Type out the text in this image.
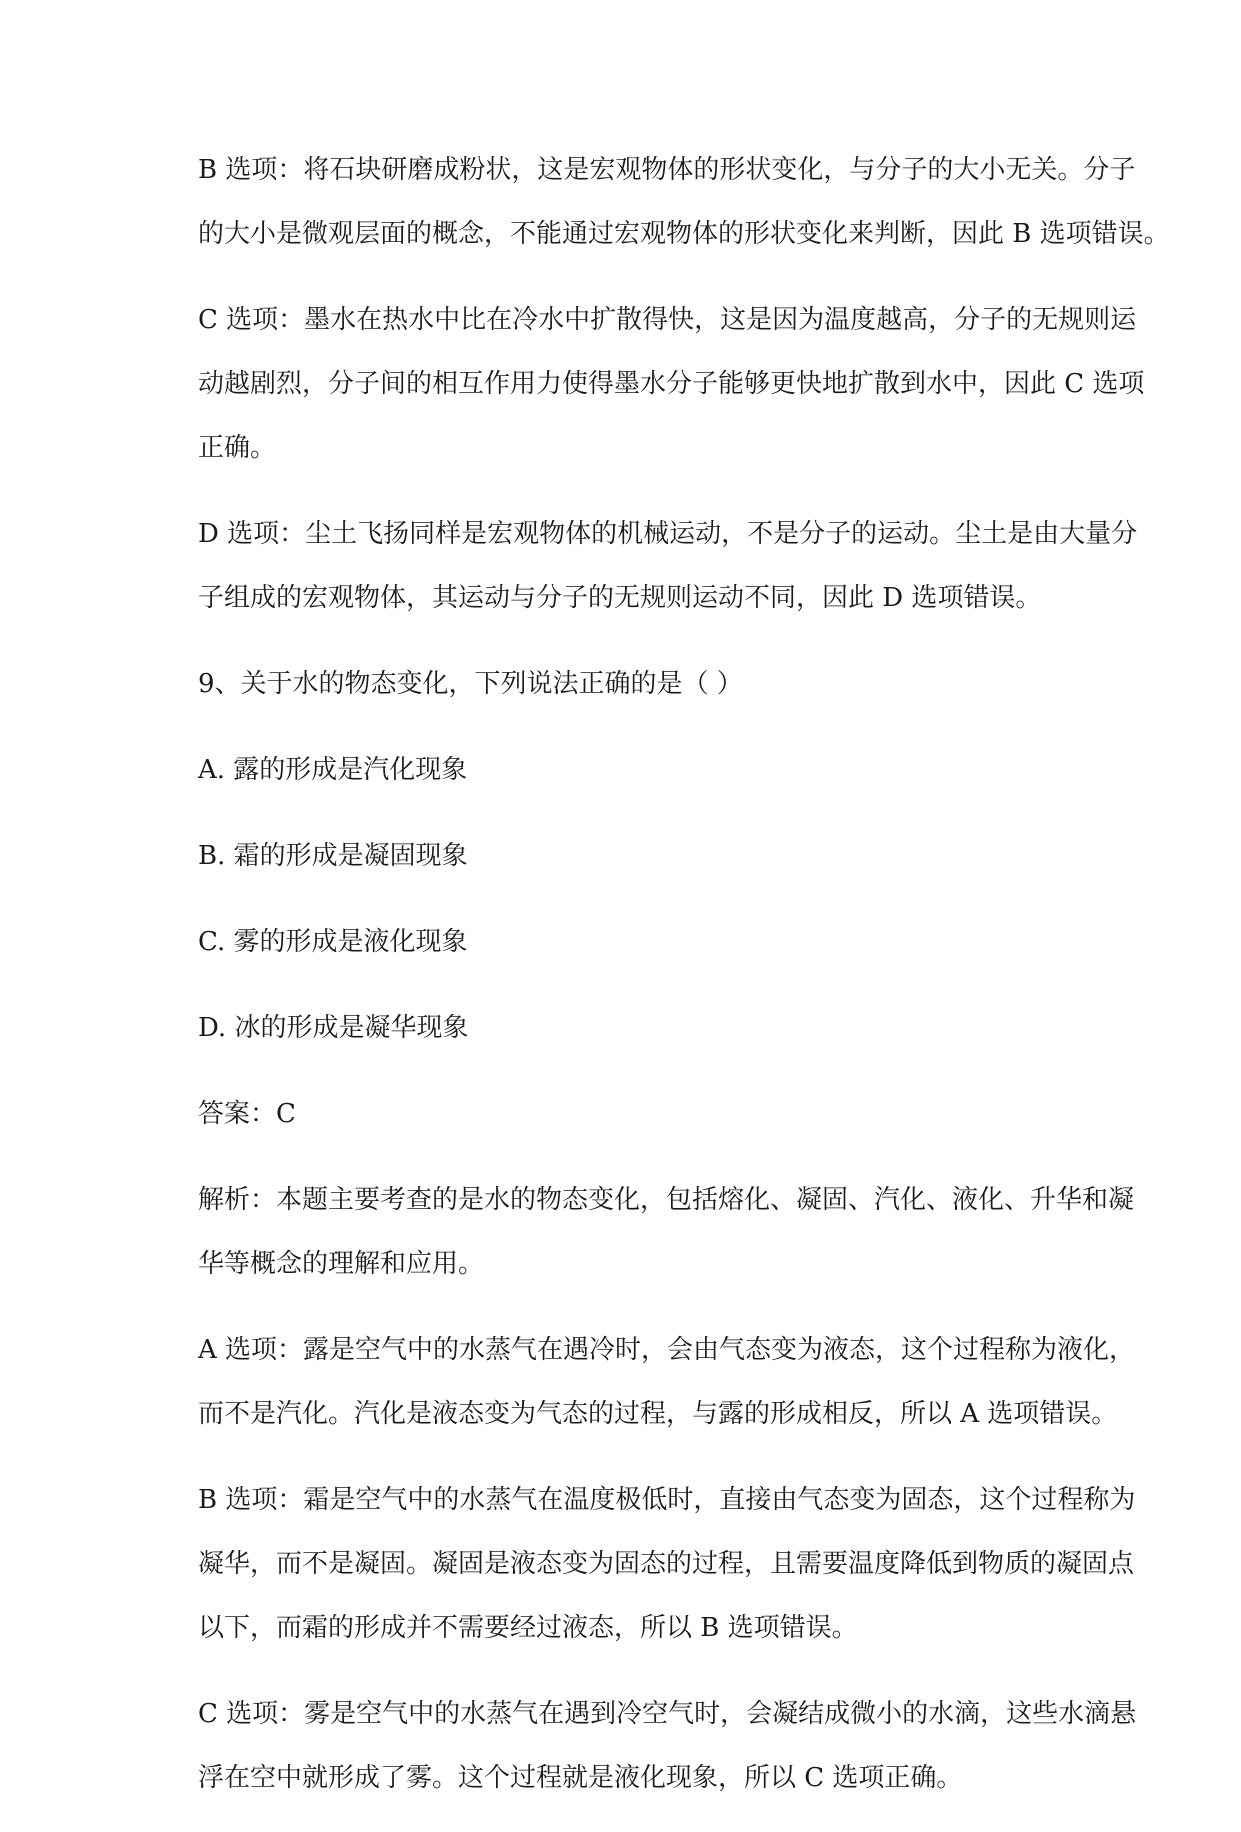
B 选项：将石块研磨成粉状，这是宏观物体的形状变化，与分子的大小无关。分子

的大小是微观层面的概念，不能通过宏观物体的形状变化来判断，因此 B 选项错误。

C 选项：墨水在热水中比在冷水中扩散得快，这是因为温度越高，分子的无规则运

动越剧烈，分子间的相互作用力使得墨水分子能够更快地扩散到水中，因此 C 选项

正确。

D 选项：尘土飞扬同样是宏观物体的机械运动，不是分子的运动。尘土是由大量分

子组成的宏观物体，其运动与分子的无规则运动不同，因此 D 选项错误。

9、关于水的物态变化，下列说法正确的是（ ）

A. 露的形成是汽化现象

B. 霜的形成是凝固现象

C. 雾的形成是液化现象

D. 冰的形成是凝华现象

答案：C

解析：本题主要考查的是水的物态变化，包括熔化、凝固、汽化、液化、升华和凝

华等概念的理解和应用。

A 选项：露是空气中的水蒸气在遇冷时，会由气态变为液态，这个过程称为液化，

而不是汽化。汽化是液态变为气态的过程，与露的形成相反，所以 A 选项错误。

B 选项：霜是空气中的水蒸气在温度极低时，直接由气态变为固态，这个过程称为

凝华，而不是凝固。凝固是液态变为固态的过程，且需要温度降低到物质的凝固点

以下，而霜的形成并不需要经过液态，所以 B 选项错误。

C 选项：雾是空气中的水蒸气在遇到冷空气时，会凝结成微小的水滴，这些水滴悬

浮在空中就形成了雾。这个过程就是液化现象，所以 C 选项正确。
